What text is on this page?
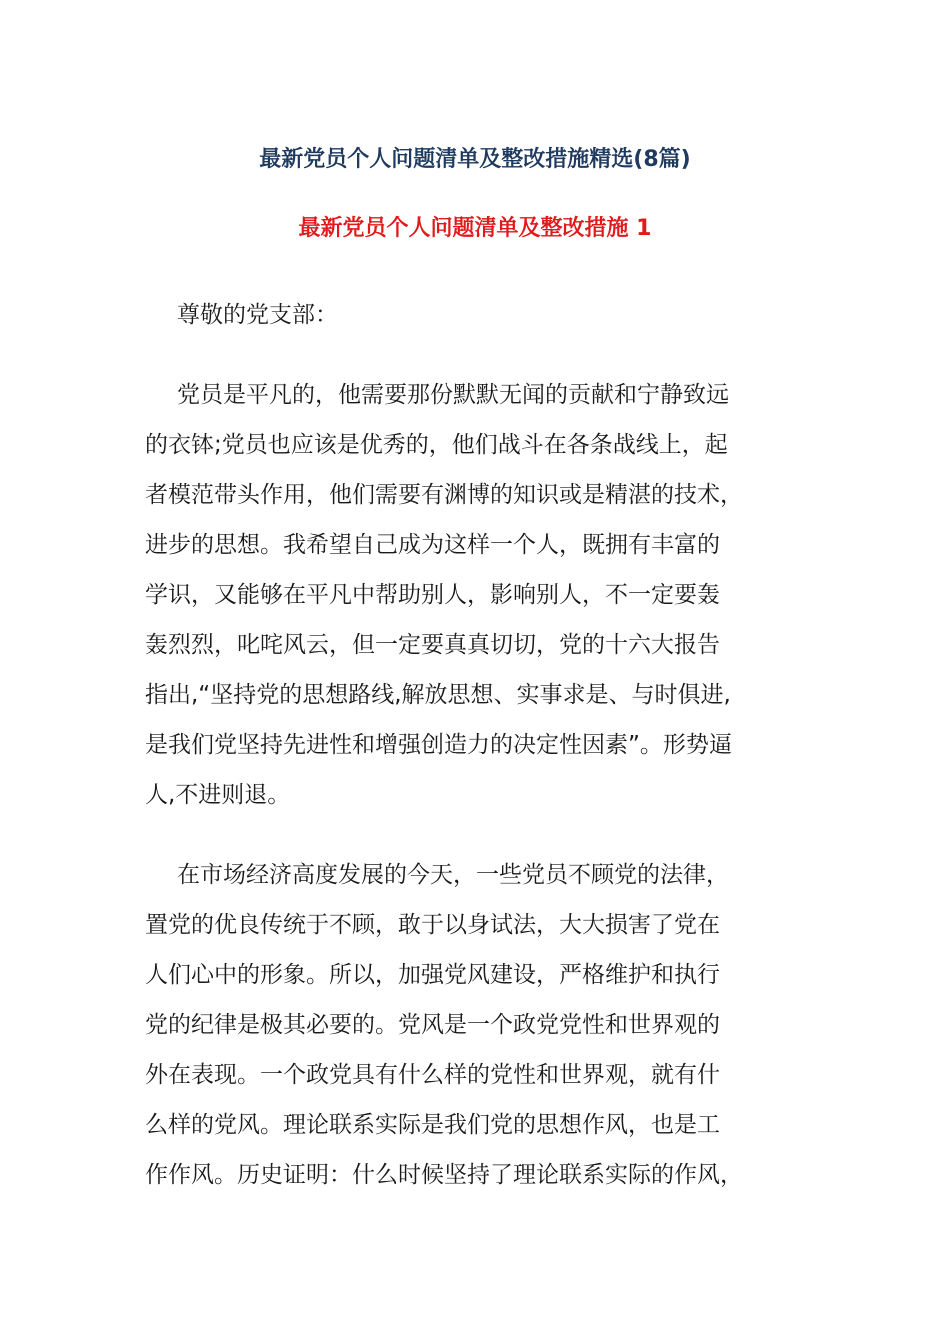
最新党员个人问题清单及整改措施精选(8篇)
最新党员个人问题清单及整改措施 1

尊敬的党支部：

党员是平凡的，他需要那份默默无闻的贡献和宁静致远
的衣钵;党员也应该是优秀的，他们战斗在各条战线上，起
者模范带头作用，他们需要有渊博的知识或是精湛的技术，
进步的思想。我希望自己成为这样一个人，既拥有丰富的
学识，又能够在平凡中帮助别人，影响别人，不一定要轰
轰烈烈，叱咤风云，但一定要真真切切，党的十六大报告
指出,“坚持党的思想路线,解放思想、实事求是、与时俱进,
是我们党坚持先进性和增强创造力的决定性因素”。形势逼
人,不进则退。

在市场经济高度发展的今天，一些党员不顾党的法律，
置党的优良传统于不顾，敢于以身试法，大大损害了党在
人们心中的形象。所以，加强党风建设，严格维护和执行
党的纪律是极其必要的。党风是一个政党党性和世界观的
外在表现。一个政党具有什么样的党性和世界观，就有什
么样的党风。理论联系实际是我们党的思想作风，也是工
作作风。历史证明：什么时候坚持了理论联系实际的作风，
